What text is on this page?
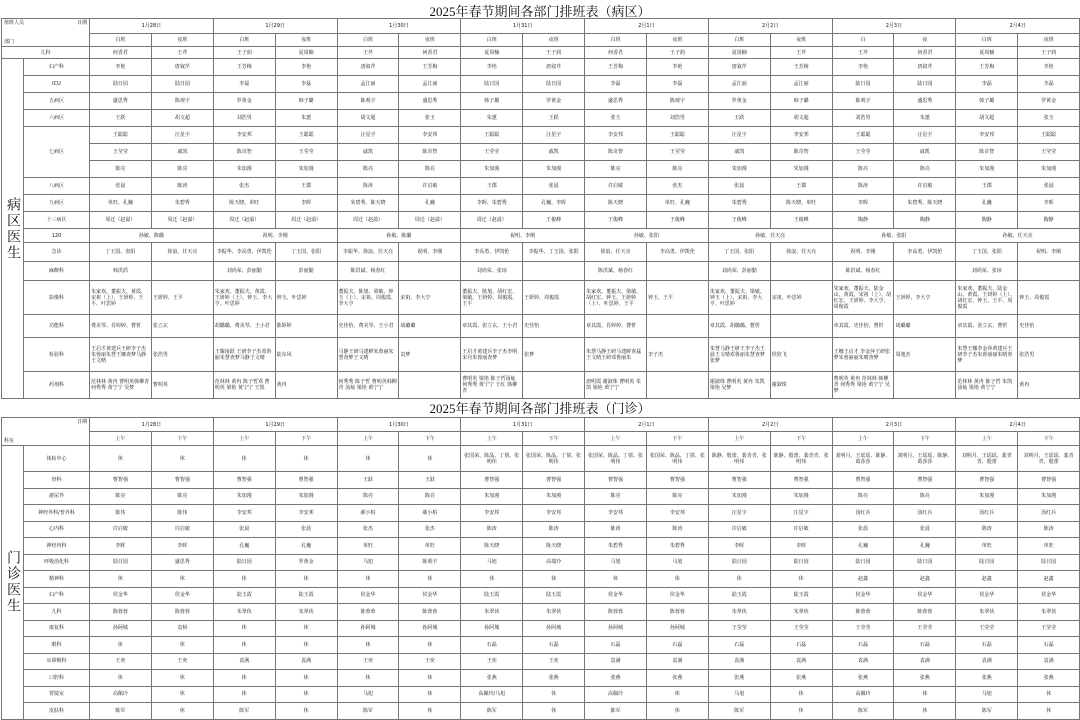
2025年春节期间各部门排班表（病区）
日期
值班人员
部门		1月28日		1月29日		1月30日		1月31日		2月1日		2月2日		2月3日		2月4日	
		白班	夜班	白班	夜班	白班	夜班	白班	夜班	白班	夜班	白班	夜班	白	夜	白班	夜班
儿科		何香君	王芹	王子润	夏周楠	王芹	何香君	夏周楠	王子润	何香君	王子润	夏周楠	王芹	王芹	何香君	夏周楠	王子润
病区医生	妇产科	李艳	唐叙芹	王芳梅	李艳	唐叙芹	王芳梅	李艳	唐叙芹	王芳梅	李艳	唐叙芹	王芳梅	李艳	唐叙芹	王芳梅	李艳
	ICU	陆日园	陆日园	李磊	李磊	孟江丽	孟江丽	陆日园	陆日园	李磊	李磊	孟江丽	孟江丽	陆日园	陆日园	李磊	李磊
	五病区	盛思秀	陈观宇	罗黄金	韩子璐	陈观宇	盛思秀	韩子璐	罗黄金	盛思秀	陈观宇	罗黄金	韩子璐	陈观宇	盛思秀	韩子璐	罗黄金
	六病区	王跃	胡文超	刘浩男	朱蕙	胡文超	张玉	朱蕙	王跃	张玉	刘浩男	王跃	胡文超	刘浩男	朱蕙	胡文超	张玉
	七病区	王聪聪	汪星宇	李安邦	王聪聪	汪星宇	李安邦	王聪聪	汪星宇	李安邦	王聪聪	汪星宇	李安邦	王聪聪	汪星宇	李安邦	王聪聪
		王莹莹	戚凯	陈奇智	王莹莹	戚凯	陈奇智	王莹莹	戚凯	陈奇智	王莹莹	戚凯	陈奇智	王莹莹	戚凯	陈奇智	王莹莹
		陈亮	陈亮	朱加漫	朱加漫	陈亮	陈亮	朱加漫	朱加漫	陈亮	陈亮	朱加漫	朱加漫	陈亮	陈亮	朱加漫	朱加漫
	八病区	张晨	陈涛	张杰	王郡	陈涛	许启敏	王郡	张晨	许启敏	张杰	张晨	王郡	陈涛	许启敏	王郡	张晨
	九病区	单旺、孔巍	朱碧秀	陈天晓、单旺	李晖	朱碧秀、陈天晓	孔巍	李晖、朱碧秀	孔巍、李晖	陈天晓	单旺、孔巍	朱碧秀	陈天晓、单旺	李晖	朱碧秀、陈天晓	孔巍	李晖
	十三病区	周迁（赵溢）	周迁（赵溢）	周迁（赵溢）	周迁（赵溢）	周迁（赵溢）	周迁（赵溢）	周迁（赵溢）	王俊峰	王俊峰	王俊峰	王俊峰	王俊峰	陶静	陶静	陶静	陶静
	120	孙敏、陈璐		祝明、李刚		孙敏、陈璐		祝明、李刚		孙敏、张阳		孙敏、任天亮		孙敏、张阳		孙敏、任天亮	
	急诊	丁玉国、张阳	徐浪、任天亮	李振华、李高勇、伊凯伦	丁玉国、张阳	李振华、徐浪、任天亮	祝明、李刚	李高勇、伊凯伦	李振华、丁玉国、张阳	徐浪、任天亮	李高勇、伊凯伦	丁玉国、张阳	徐浪、任天亮	祝明、李刚	李高勇、伊凯伦	丁玉国、张阳	祝明、李刚
	麻醉科	韩洪滔		刘尚荣、彭丽勤	彭丽勤	陈洪斌、杨春红		刘尚荣、张琼		陈洪斌、杨春红		刘尚荣、彭丽勤		陈洪斌、杨春红		刘尚荣、张琼	
	影像科	朱家欢、董振夫、黄霞、宋祖（上）、王妍婷、王平、叶思婷	王妍婷、王平	朱家欢、董振夫、黄霞、王妍婷（上）、钟玉、李大亨、叶思婷	钟玉、叶思婷	董振夫、陈旭、梁敏、钟玉（上）、宋祖、周俊霞、李大亨	宋祖、李大亨	董振夫、陈旭、胡红宏、梁敏、王妍婷、周俊霞、王平	王妍婷、周俊霞	朱家欢、董振夫、梁敏、胡红宏、钟玉、王妍婷（上）、叶思婷、王平	钟玉、王平	朱家欢、董振夫、梁敏、钟玉（上）、宋祖、李大亨、叶思婷	宋祖、叶思婷	朱家欢、董振夫、陆金山、黄霞、宋祖（上）、胡红宏、王妍婷、李大亨、周俊霞	王妍婷、李大亨	朱家欢、董振夫、陆金山、黄霞、王妍婷（上）、胡红宏、钟玉、王平、周俊霞	钟玉、周俊霞
	功能科	费美琴、肖婷婷、曹忻	张立玄	胡璐璐、费美琴、王小君	陈婷婷	史佳怡、费美琴、王小君	胡璐璐	章其霞、张立玄、王小君	史佳怡	章其霞、肖婷婷、曹忻		章其霞、胡璐璐、曹忻		章其霞、史佳怡、曹忻	胡璐璐	章其霞、张立玄、曹忻	史佳怡
	检验科	王启才黄建兵王研李子杰朱蓉丽朱慧王娜查梦马静王文晴	张浩男	王耀南跃 王研李子杰邓鲁丽朱慧查梦马静王文晴	陆东风	马静王研马建鲜朱蓉丽朱慧查梦王文晴	袁梦	王启才黄建兵李子杰李明宋丹朱蓉丽查梦	张梦	朱慧马静王研马建鲜查磊王文晴王研邓鲁丽朱	李子杰	朱慧马静王研王李子杰王晨王文晴邓鲁丽朱慧查梦张梦	侯欣飞	王娜王启才 李金萍王研张梦朱蓉丽丽朱晴查梦	周逸杰	朱慧王娜李金萍黄建兵王研李子杰朱蓉丽丽朱晴查梦	张浩男
	药剂科	范林林 黄冉 曹明英韩柳青 何秀秀 黄宁宁 吴梦	曹明英	范林林 黄冉 陈子哲邓 曹明英 梁艳 黄宁宁 王凯	黄冉	何秀秀 陈子哲 曹明英韩柳青 汤灿 梁艳 黄宁宁		曹明英 梁艳 陈子哲汤灿 何秀秀 黄宁宁 王红 韩柳青		唐明霞 谢淑珠 曹明英 朱凯 梁艳 黄宁宁		谢淑珠 曹明英 黄冉 朱凯梁艳 吴梦	谢淑珠	曹明英 黄冉 范林林 韩柳青 何秀秀 梁艳 黄宁宁 吴梦		范林林 黄冉 陈子哲 朱凯汤灿 梁艳 黄宁宁	黄冉
2025年春节期间各部门排班表（门诊）
日期
科室		1月28日		1月29日		1月30日		1月31日		2月1日		2月2日		2月3日		2月4日	
		上午	下午	上午	下午	上午	下午	上午	下午	上午	下午	上午	下午	上午	下午	上午	下午
门诊医生	体检中心	休	休	休	休	休	休	张国荣、陈晶、丁倩、张明伟	张国荣、陈晶、丁倩、张明伟	张国荣、陈晶、丁倩、张明伟	张国荣、陈晶、丁倩、张明伟	陈静、殷蕾、裴青青、张明伟	陈静、殷蕾、裴青青、张明伟	刘明月、王瑶瑶、陈静、葛莎莎	刘明月、王瑶瑶、陈静、葛莎莎	刘明月、王瑶瑶、裴青青、殷蕾	刘明月、王瑶瑶、裴青青、殷蕾
	骨科	曹智强	曹智强	曹智强	曹智强	王跃	王跃	曹智强	曹智强	曹智强	曹智强	曹智强	曹智强	曹智强	曹智强	曹智强	曹智强
	泌尿外	陈亮	陈亮	朱加漫	朱加漫	陈亮	陈亮	朱加漫	朱加漫	陈亮	陈亮	朱加漫	朱加漫	陈亮	陈亮	朱加漫	朱加漫
	神经外科/普外科	陈伟	陈伟	李安邦	李安邦	郝小柏	郝小柏	李安邦	李安邦	李安邦	李安邦	汪星宇	汪星宇	汤红兵	汤红兵	汤红兵	汤红兵
	心内科	许启敏	许启敏	张晨	张晨	张杰	张杰	陈涛	陈涛	陈涛	陈涛	许启敏	许启敏	张晨	张晨	陈涛	陈涛
	神经内科	李晖	李晖	孔巍	孔巍	单旺	单旺	陈天晓	陈天晓	朱碧秀	朱碧秀	李晖	李晖	孔巍	孔巍	单旺	单旺
	呼吸消化科	陆日园	盛思秀	陆日园	罗黄金	马旭	陈观宇	马旭	高瑞玲	马旭	马旭	陆日园	陆日园	陆日园	陆日园	陆日园	陆日园
	精神科	休	休	休	休	休	休	休	休	休	休	休	休	赵鑫	赵鑫	赵鑫	赵鑫
	妇产科	侯金华	侯金华	陆玉霞	陆玉霞	侯金华	侯金华	陆玉霞	陆玉霞	侯金华	侯金华	陆玉霞	陆玉霞	侯金华	侯金华	侯金华	侯金华
	儿科	陈蓉蓉	陈蓉蓉	朱翠侠	朱翠侠	陈蓉蓉	陈蓉蓉	朱翠侠	朱翠侠	陈蓉蓉	陈蓉蓉	朱翠侠	朱翠侠	陈蓉蓉	陈蓉蓉	朱翠侠	朱翠侠
	康复科	孙阿城	袁桥	休	休	孙阿城	孙阿城	孙阿城	孙阿城	孙阿城	孙阿城	王莹莹	王莹莹	王莹莹	王莹莹	王莹莹	王莹莹
	眼科	休	休	休	休	休	休	石磊	石磊	石磊	石磊	石磊	石磊	石磊	石磊	石磊	石磊
	耳鼻喉科	王奕	王奕	袁满	袁满	王奕	王奕	王奕	王奕	袁满	袁满	袁满	袁满	袁满	袁满	袁满	袁满
	口腔科	休	休	休	休	休	休	张燕	张燕	张燕	张燕	张燕	张燕	张燕	张燕	张燕	张燕
	胃镜室	高佩玲	休	休	休	马旭	休	高佩玲/马旭	休	高佩玲	休	马旭	休	高佩玲	休	马旭	休
	皮肤科	陈军	休	陈军	休	陈军	休	陈军	休	陈军	休	陈军	休	陈军	休	陈军	休
